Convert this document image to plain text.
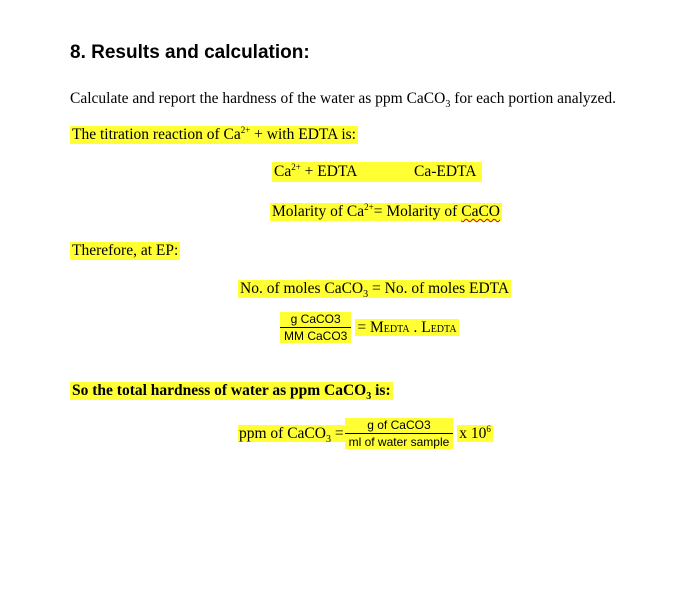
8. Results and calculation:
Calculate and report the hardness of the water as ppm CaCO$_3$ for each portion analyzed.
The titration reaction of $Ca^{2+}$ + with EDTA is:
$Ca^{2+}$ + EDTA	Ca-EDTA
Molarity of $Ca^{2+}=$ Molarity of CaCO
Therefore, at EP:
No. of moles CaCO$_3$ = No. of moles EDTA
$\frac{\text{g CaCO3}}{\text{MM CaCO3}}$ = MEDTA . LEDTA
So the total hardness of water as ppm CaCO$_3$ is:
ppm of CaCO$_3$ = $\frac{\text{g of CaCO3}}{\text{ml of water sample}}$ x $10^6$
